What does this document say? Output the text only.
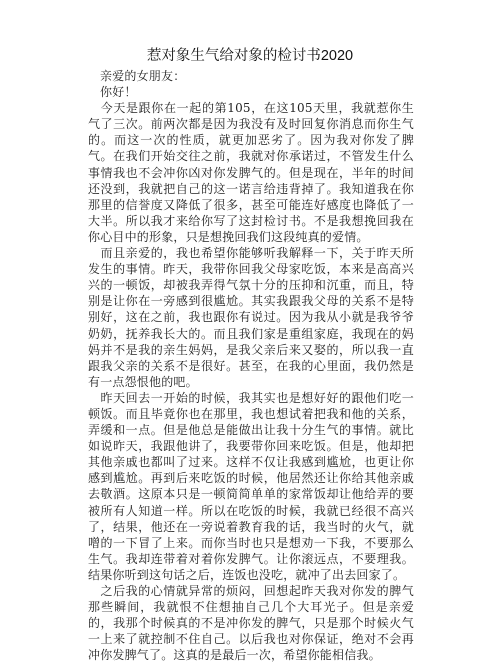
惹对象生气给对象的检讨书2020

亲爱的女朋友：

你好！

 今天是跟你在一起的第105，在这105天里，我就惹你生气了三次。前两次都是因为我没有及时回复你消息而你生气的。而这一次的性质，就更加恶劣了。因为我对你发了脾气。在我们开始交往之前，我就对你承诺过，不管发生什么事情我也不会冲你凶对你发脾气的。但是现在，半年的时间还没到，我就把自己的这一诺言给违背掉了。我知道我在你那里的信誉度又降低了很多，甚至可能连好感度也降低了一大半。所以我才来给你写了这封检讨书。不是我想挽回我在你心目中的形象，只是想挽回我们这段纯真的爱情。

 而且亲爱的，我也希望你能够听我解释一下，关于昨天所发生的事情。昨天，我带你回我父母家吃饭，本来是高高兴兴的一顿饭，却被我弄得气氛十分的压抑和沉重，而且，特别是让你在一旁感到很尴尬。其实我跟我父母的关系不是特别好，这在之前，我也跟你有说过。因为我从小就是我爷爷奶奶，抚养我长大的。而且我们家是重组家庭，我现在的妈妈并不是我的亲生妈妈，是我父亲后来又娶的，所以我一直跟我父亲的关系不是很好。甚至，在我的心里面，我仍然是有一点怨恨他的吧。

 昨天回去一开始的时候，我其实也是想好好的跟他们吃一顿饭。而且毕竟你也在那里，我也想试着把我和他的关系，弄缓和一点。但是他总是能做出让我十分生气的事情。就比如说昨天，我跟他讲了，我要带你回来吃饭。但是，他却把其他亲戚也都叫了过来。这样不仅让我感到尴尬，也更让你感到尴尬。再到后来吃饭的时候，他居然还让你给其他亲戚去敬酒。这原本只是一顿简简单单的家常饭却让他给弄的要被所有人知道一样。所以在吃饭的时候，我就已经很不高兴了，结果，他还在一旁说着教育我的话，我当时的火气，就噌的一下冒了上来。而你当时也只是想劝一下我，不要那么生气。我却连带着对着你发脾气。让你滚远点，不要理我。结果你听到这句话之后，连饭也没吃，就冲了出去回家了。

 之后我的心情就异常的烦闷，回想起昨天我对你发的脾气那些瞬间，我就恨不住想抽自己几个大耳光子。但是亲爱的，我那个时候真的不是冲你发的脾气，只是那个时候火气一上来了就控制不住自己。以后我也对你保证，绝对不会再冲你发脾气了。这真的是最后一次，希望你能相信我。
